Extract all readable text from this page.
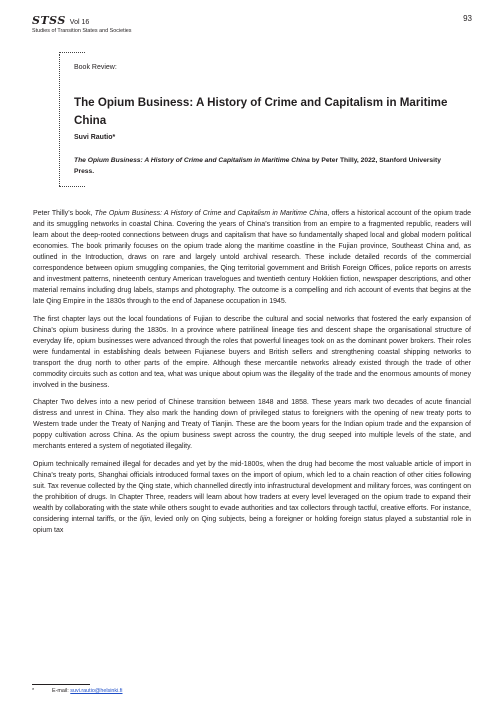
STSS Vol 16
Studies of Transition States and Societies
93
Book Review:
The Opium Business: A History of Crime and Capitalism in Maritime China
Suvi Rautio*
The Opium Business: A History of Crime and Capitalism in Maritime China by Peter Thilly, 2022, Stanford University Press.

Peter Thilly’s book, The Opium Business: A History of Crime and Capitalism in Maritime China, offers a historical account of the opium trade and its smuggling networks in coastal China. Covering the years of China’s transition from an empire to a fragmented republic, readers will learn about the deep-rooted connections between drugs and capitalism that have so fundamentally shaped local and global modern political economies. The book primarily focuses on the opium trade along the maritime coastline in the Fujian province, Southeast China and, as outlined in the Introduction, draws on rare and largely untold archival research. These include detailed records of the commercial correspondence between opium smuggling companies, the Qing territorial government and British Foreign Offices, police reports on arrests and investment patterns, nineteenth century American travelogues and twentieth century Hokkien fiction, newspaper descriptions, and other material remains including drug labels, stamps and photography. The outcome is a compelling and rich account of events that begins at the late Qing Empire in the 1830s through to the end of Japanese occupation in 1945.

The first chapter lays out the local foundations of Fujian to describe the cultural and social networks that fostered the early expansion of China’s opium business during the 1830s. In a province where patrilineal lineage ties and descent shape the organisational structure of everyday life, opium businesses were advanced through the roles that powerful lineages took on as the dominant power brokers. Their roles were fundamental in establishing deals between Fujianese buyers and British sellers and strengthening coastal shipping networks to transport the drug north to other parts of the empire. Although these mercantile networks already existed through the trade of other commodity circuits such as cotton and tea, what was unique about opium was the illegality of the trade and the enormous amounts of money involved in the business.

Chapter Two delves into a new period of Chinese transition between 1848 and 1858. These years mark two decades of acute financial distress and unrest in China. They also mark the handing down of privileged status to foreigners with the opening of new treaty ports to Western trade under the Treaty of Nanjing and Treaty of Tianjin. These are the boom years for the Indian opium trade and the expansion of poppy cultivation across China. As the opium business swept across the country, the drug seeped into multiple levels of the state, and merchants entered a system of negotiated illegality.

Opium technically remained illegal for decades and yet by the mid-1800s, when the drug had become the most valuable article of import in China’s treaty ports, Shanghai officials introduced formal taxes on the import of opium, which led to a chain reaction of other cities following suit. Tax revenue collected by the Qing state, which channelled directly into infrastructural development and military forces, was contingent on the prohibition of drugs. In Chapter Three, readers will learn about how traders at every level leveraged on the opium trade to expand their wealth by collaborating with the state while others sought to evade authorities and tax collectors through tactful, creative efforts. For instance, considering internal tariffs, or the lijin, levied only on Qing subjects, being a foreigner or holding foreign status played a substantial role in opium tax

*	E-mail: suvi.rautio@helsinki.fi
